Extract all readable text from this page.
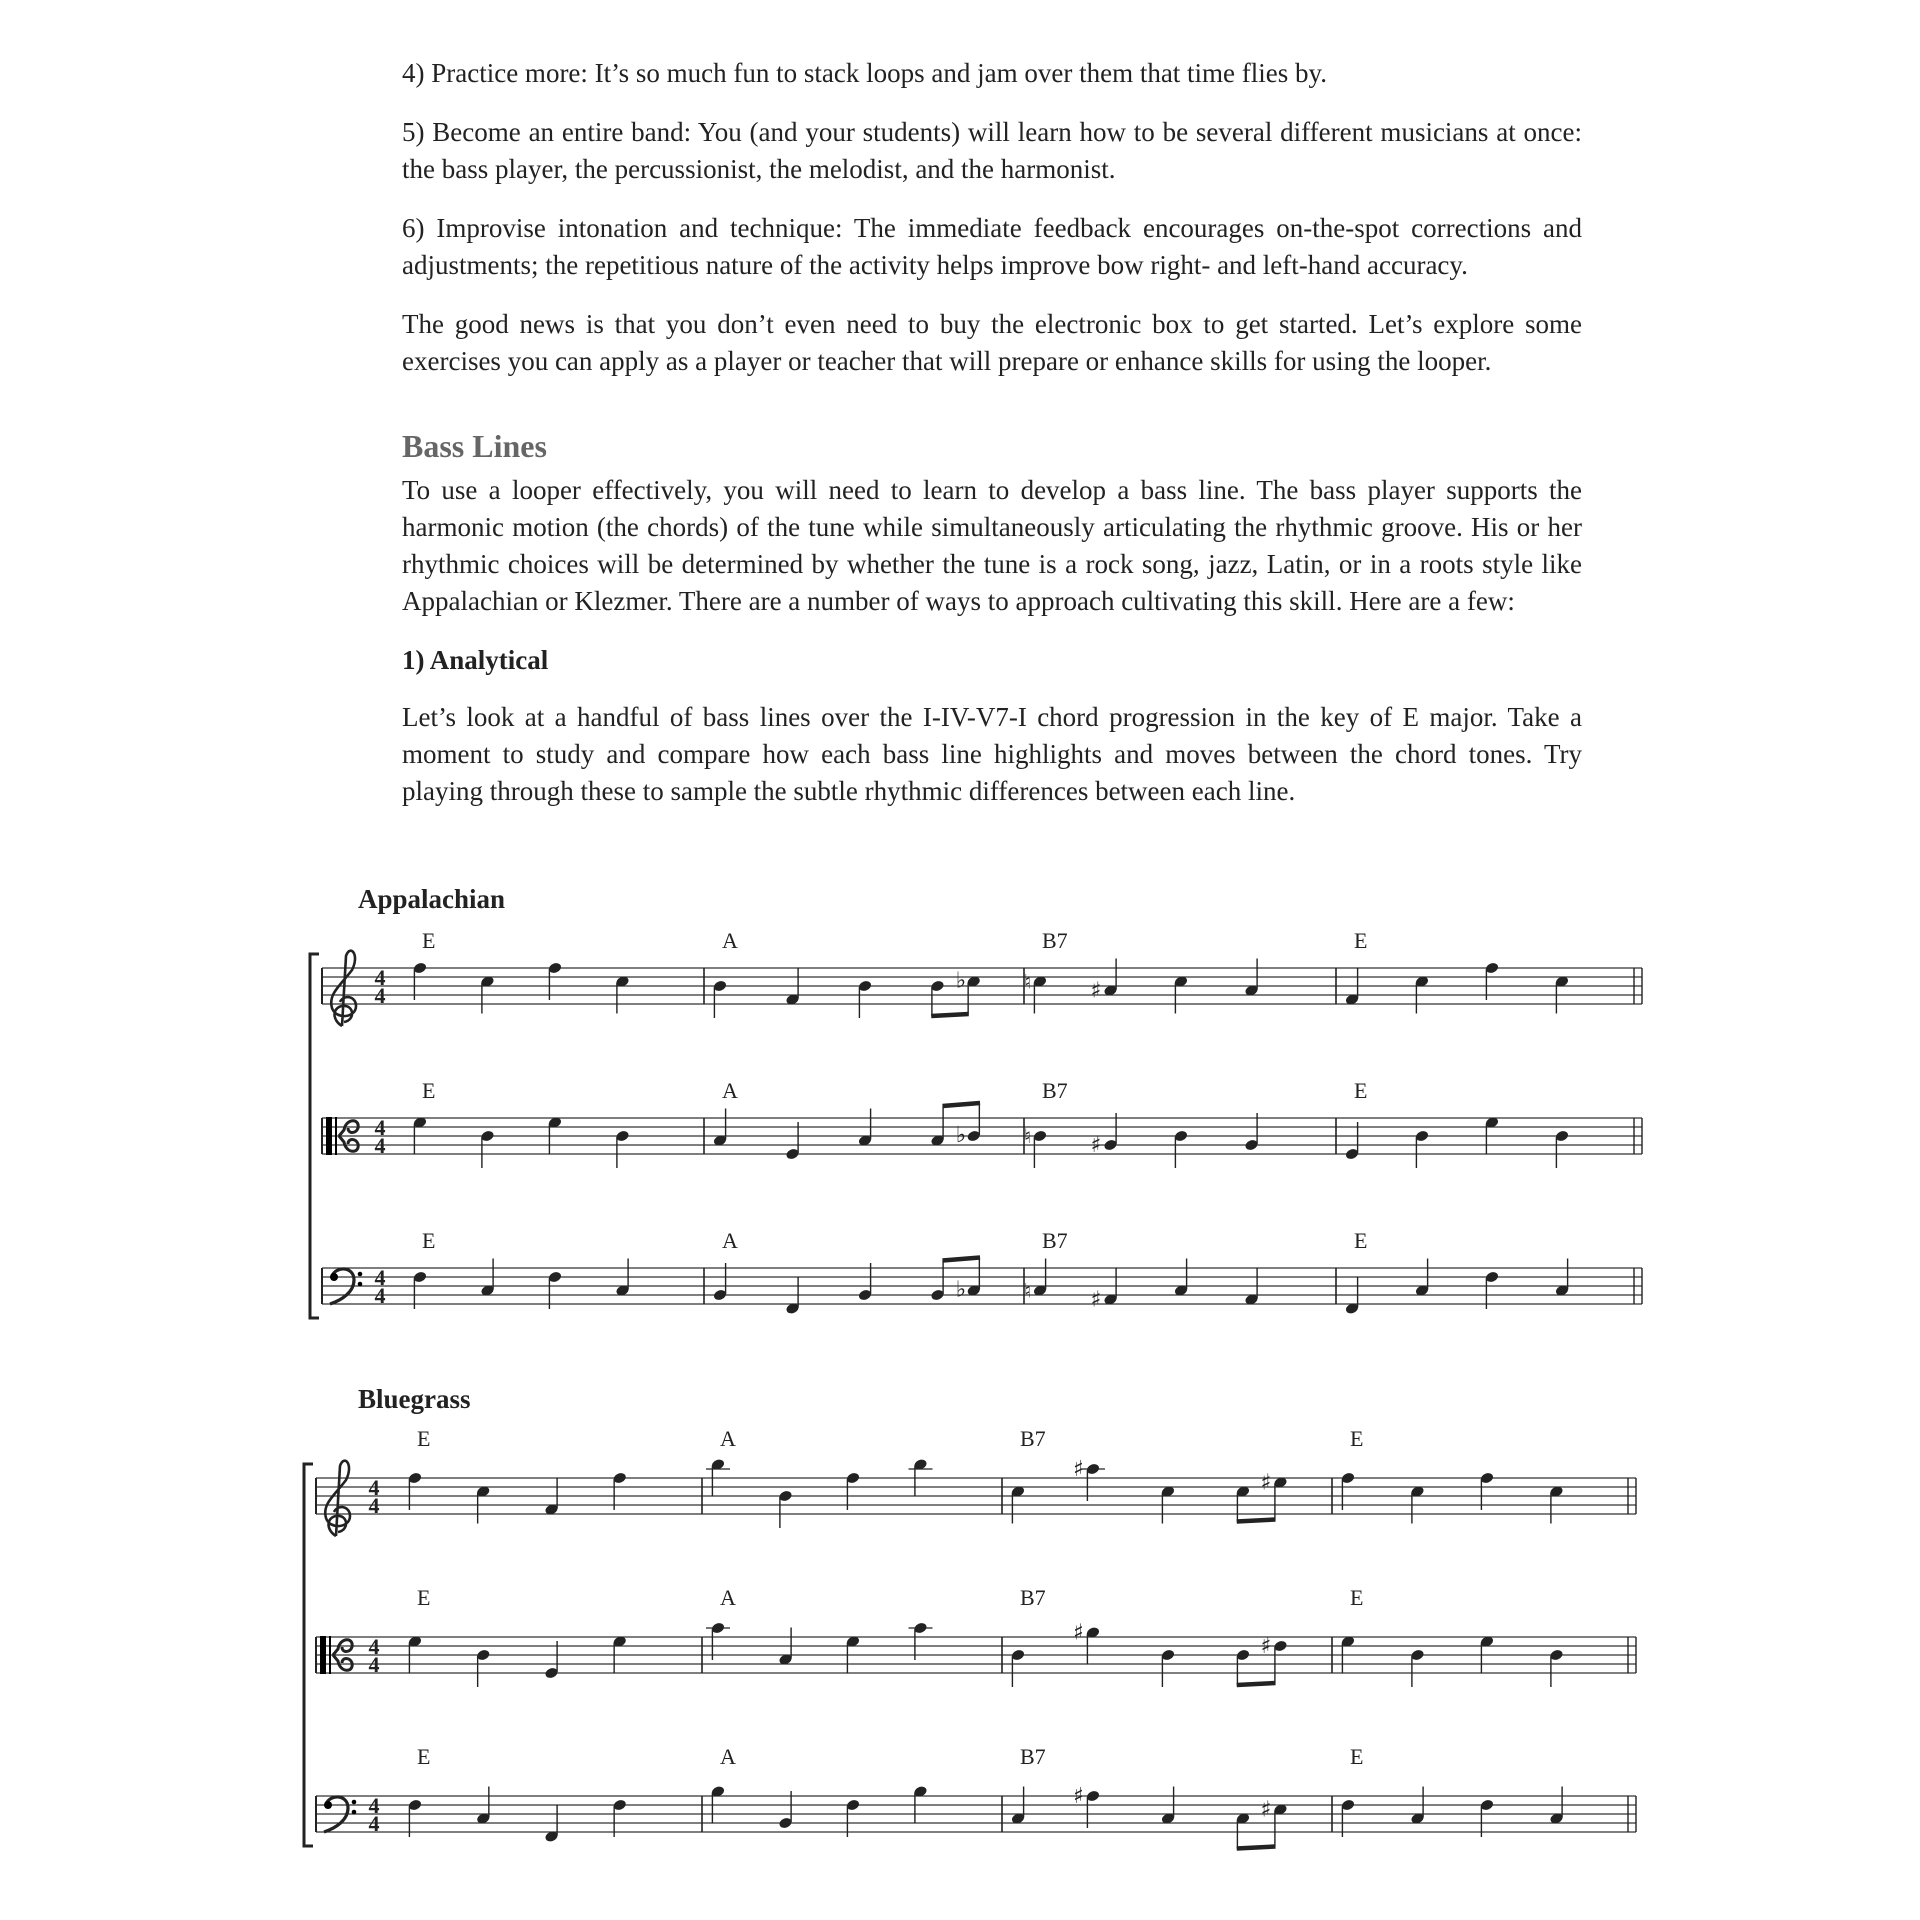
4) Practice more: It’s so much fun to stack loops and jam over them that time flies by.

5) Become an entire band: You (and your students) will learn how to be several different musicians at once: the bass player, the percussionist, the melodist, and the harmonist.

6) Improvise intonation and technique: The immediate feedback encourages on-the-spot corrections and adjustments; the repetitious nature of the activity helps improve bow right- and left-hand accuracy.

The good news is that you don’t even need to buy the electronic box to get started. Let’s explore some exercises you can apply as a player or teacher that will prepare or enhance skills for using the looper.

Bass Lines

To use a looper effectively, you will need to learn to develop a bass line. The bass player supports the harmonic motion (the chords) of the tune while simultaneously articulating the rhythmic groove. His or her rhythmic choices will be determined by whether the tune is a rock song, jazz, Latin, or in a roots style like Appalachian or Klezmer. There are a number of ways to approach cultivating this skill. Here are a few:

1) Analytical

Let’s look at a handful of bass lines over the I-IV-V7-I chord progression in the key of E major. Take a moment to study and compare how each bass line highlights and moves between the chord tones. Try playing through these to sample the subtle rhythmic differences between each line.

Appalachian
4
4
E	A	B7	E
♭	♮	♯
4
4
E	A	B7	E
♭	♮	♯
4
4
E	A	B7	E
♭	♮	♯
Bluegrass
4
4
E	A	B7	E
♯
♯
4
4
E	A	B7	E
♯
♯
4
4
E	A	B7	E
♯
♯
